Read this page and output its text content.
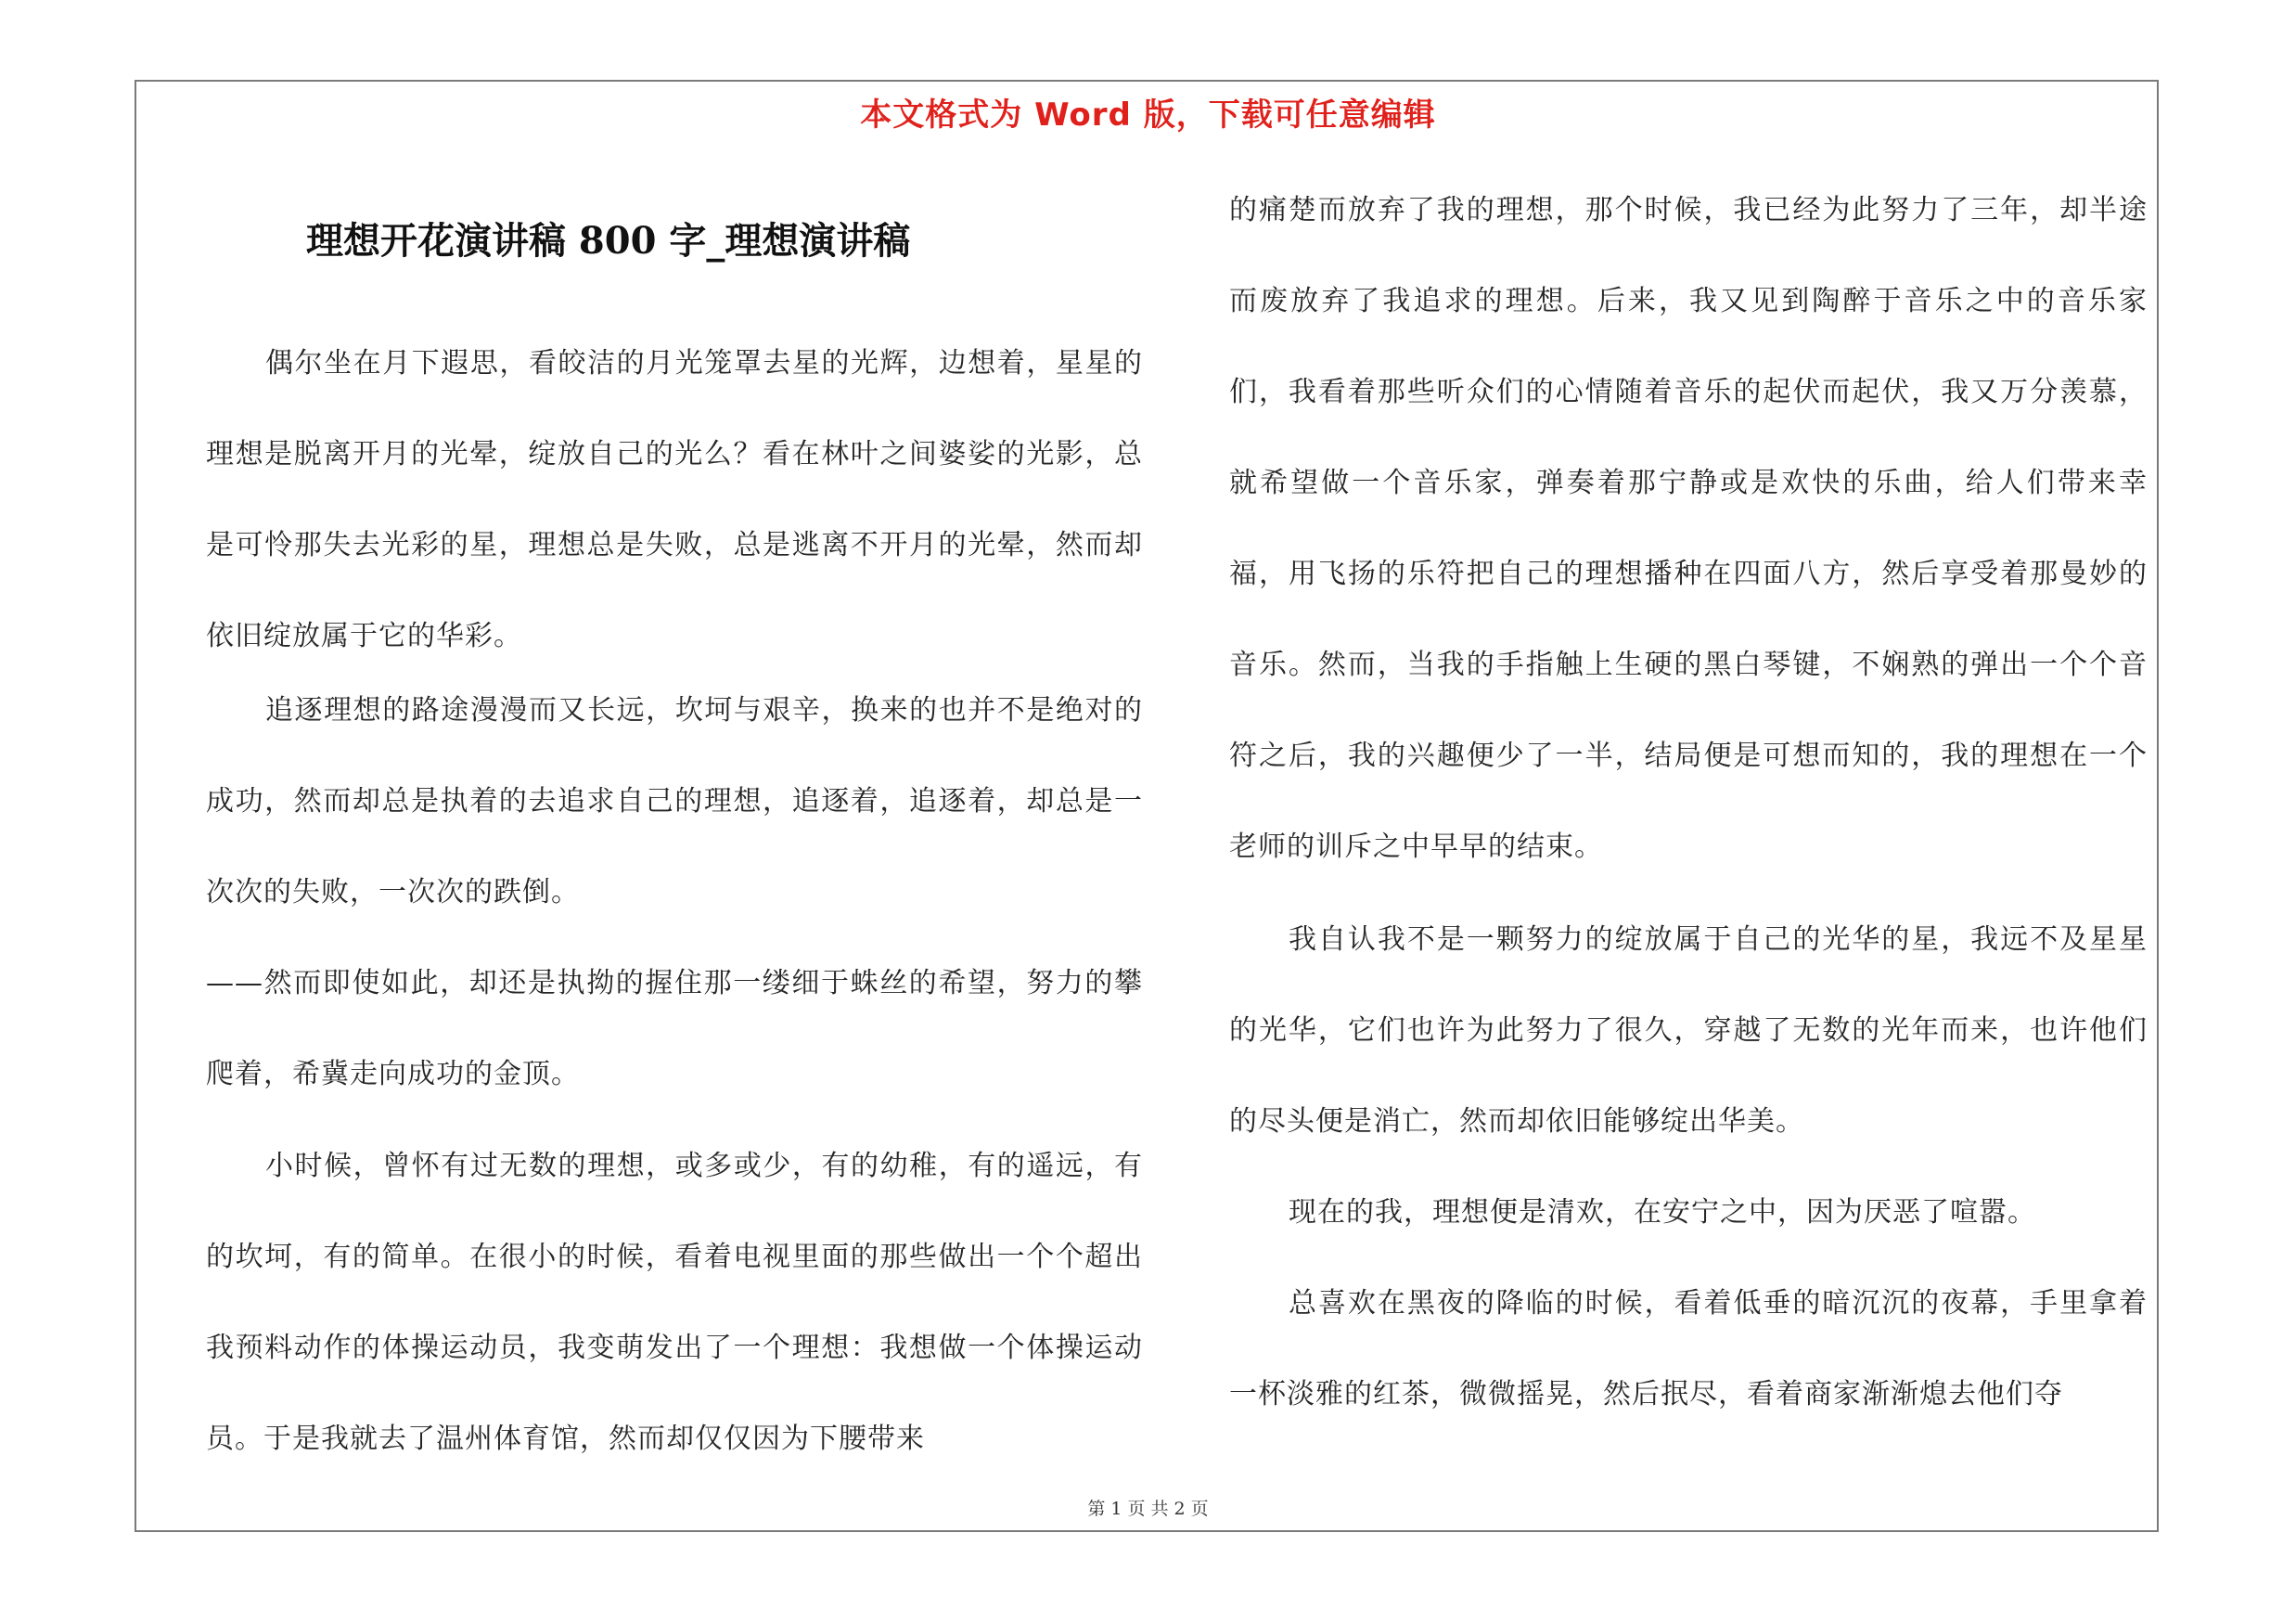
本文格式为 Word 版，下载可任意编辑
理想开花演讲稿 800 字_理想演讲稿

偶尔坐在月下遐思，看皎洁的月光笼罩去星的光辉，边想着，星星的理想是脱离开月的光晕，绽放自己的光么？看在林叶之间婆娑的光影，总是可怜那失去光彩的星，理想总是失败，总是逃离不开月的光晕，然而却依旧绽放属于它的华彩。

追逐理想的路途漫漫而又长远，坎坷与艰辛，换来的也并不是绝对的成功，然而却总是执着的去追求自己的理想，追逐着，追逐着，却总是一次次的失败，一次次的跌倒。

——然而即使如此，却还是执拗的握住那一缕细于蛛丝的希望，努力的攀爬着，希冀走向成功的金顶。

小时候，曾怀有过无数的理想，或多或少，有的幼稚，有的遥远，有的坎坷，有的简单。在很小的时候，看着电视里面的那些做出一个个超出我预料动作的体操运动员，我变萌发出了一个理想：我想做一个体操运动员。于是我就去了温州体育馆，然而却仅仅因为下腰带来

的痛楚而放弃了我的理想，那个时候，我已经为此努力了三年，却半途而废放弃了我追求的理想。后来，我又见到陶醉于音乐之中的音乐家们，我看着那些听众们的心情随着音乐的起伏而起伏，我又万分羡慕，就希望做一个音乐家，弹奏着那宁静或是欢快的乐曲，给人们带来幸福，用飞扬的乐符把自己的理想播种在四面八方，然后享受着那曼妙的音乐。然而，当我的手指触上生硬的黑白琴键，不娴熟的弹出一个个音符之后，我的兴趣便少了一半，结局便是可想而知的，我的理想在一个老师的训斥之中早早的结束。

我自认我不是一颗努力的绽放属于自己的光华的星，我远不及星星的光华，它们也许为此努力了很久，穿越了无数的光年而来，也许他们的尽头便是消亡，然而却依旧能够绽出华美。

现在的我，理想便是清欢，在安宁之中，因为厌恶了喧嚣。

总喜欢在黑夜的降临的时候，看着低垂的暗沉沉的夜幕，手里拿着一杯淡雅的红茶，微微摇晃，然后抿尽，看着商家渐渐熄去他们夺

第 1 页 共 2 页
